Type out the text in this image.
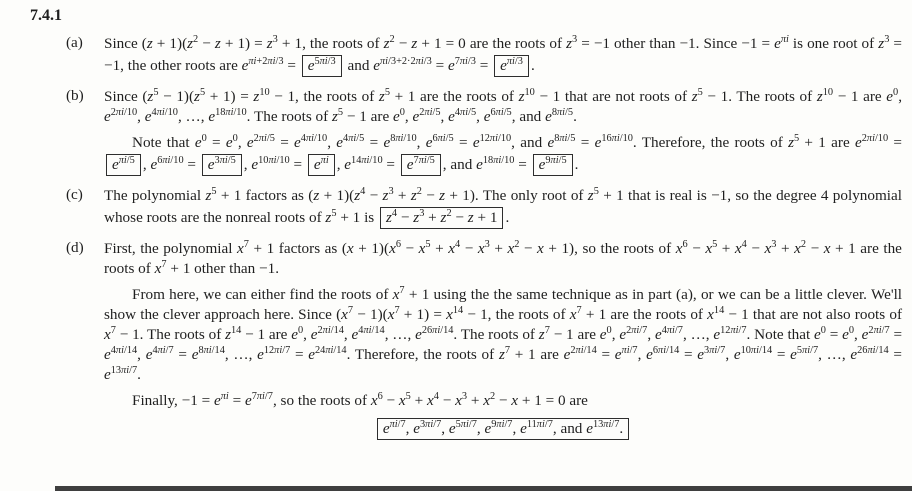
7.4.1
(a)	Since $(z + 1)(z^2 - z + 1) = z^3 + 1$, the roots of $z^2 - z + 1 = 0$ are the roots of $z^3 = -1$ other than −1. Since $-1 = e^{\pi i}$ is one root of $z^3 = -1$, the other roots are $e^{\pi i+2\pi i/3} = e^{5\pi i/3}$ and $e^{\pi i/3+2\cdot 2\pi i/3} = e^{7\pi i/3} = e^{\pi i/3}$ .

(b)	Since $(z^5 - 1)(z^5 + 1) = z^{10} - 1$, the roots of $z^5 + 1$ are the roots of $z^{10} - 1$ that are not roots of $z^5 - 1$. The roots of $z^{10} - 1$ are $e^0$, $e^{2\pi i/10}$, $e^{4\pi i/10}$, …, $e^{18\pi i/10}$. The roots of $z^5 - 1$ are $e^0$, $e^{2\pi i/5}$, $e^{4\pi i/5}$, $e^{6\pi i/5}$, and $e^{8\pi i/5}$.

Note that $e^0 = e^0$, $e^{2\pi i/5} = e^{4\pi i/10}$, $e^{4\pi i/5} = e^{8\pi i/10}$, $e^{6\pi i/5} = e^{12\pi i/10}$, and $e^{8\pi i/5} = e^{16\pi i/10}$. Therefore, the roots of $z^5 + 1$ are $e^{2\pi i/10} = e^{\pi i/5}$ , $e^{6\pi i/10} = e^{3\pi i/5}$ , $e^{10\pi i/10} = e^{\pi i}$ , $e^{14\pi i/10} = e^{7\pi i/5}$ , and $e^{18\pi i/10} = e^{9\pi i/5}$ .

(c)	The polynomial $z^5 + 1$ factors as $(z + 1)(z^4 - z^3 + z^2 - z + 1)$. The only root of $z^5 + 1$ that is real is −1, so the degree 4 polynomial whose roots are the nonreal roots of $z^5 + 1$ is $z^4 - z^3 + z^2 - z + 1$ .

(d)	First, the polynomial $x^7 + 1$ factors as $(x + 1)(x^6 - x^5 + x^4 - x^3 + x^2 - x + 1)$, so the roots of $x^6 - x^5 + x^4 - x^3 + x^2 - x + 1$ are the roots of $x^7 + 1$ other than −1.

From here, we can either find the roots of $x^7 + 1$ using the the same technique as in part (a), or we can be a little clever. We'll show the clever approach here. Since $(x^7 - 1)(x^7 + 1) = x^{14} - 1$, the roots of $x^7 + 1$ are the roots of $x^{14} - 1$ that are not also roots of $x^7 - 1$. The roots of $z^{14} - 1$ are $e^0$, $e^{2\pi i/14}$, $e^{4\pi i/14}$, …, $e^{26\pi i/14}$. The roots of $z^7 - 1$ are $e^0$, $e^{2\pi i/7}$, $e^{4\pi i/7}$, …, $e^{12\pi i/7}$. Note that $e^0 = e^0$, $e^{2\pi i/7} = e^{4\pi i/14}$, $e^{4\pi i/7} = e^{8\pi i/14}$, …, $e^{12\pi i/7} = e^{24\pi i/14}$. Therefore, the roots of $z^7 + 1$ are $e^{2\pi i/14} = e^{\pi i/7}$, $e^{6\pi i/14} = e^{3\pi i/7}$, $e^{10\pi i/14} = e^{5\pi i/7}$, …, $e^{26\pi i/14} = e^{13\pi i/7}$.

Finally, $-1 = e^{\pi i} = e^{7\pi i/7}$, so the roots of $x^6 - x^5 + x^4 - x^3 + x^2 - x + 1 = 0$ are

$e^{\pi i/7}$, $e^{3\pi i/7}$, $e^{5\pi i/7}$, $e^{9\pi i/7}$, $e^{11\pi i/7}$, and $e^{13\pi i/7}$.
